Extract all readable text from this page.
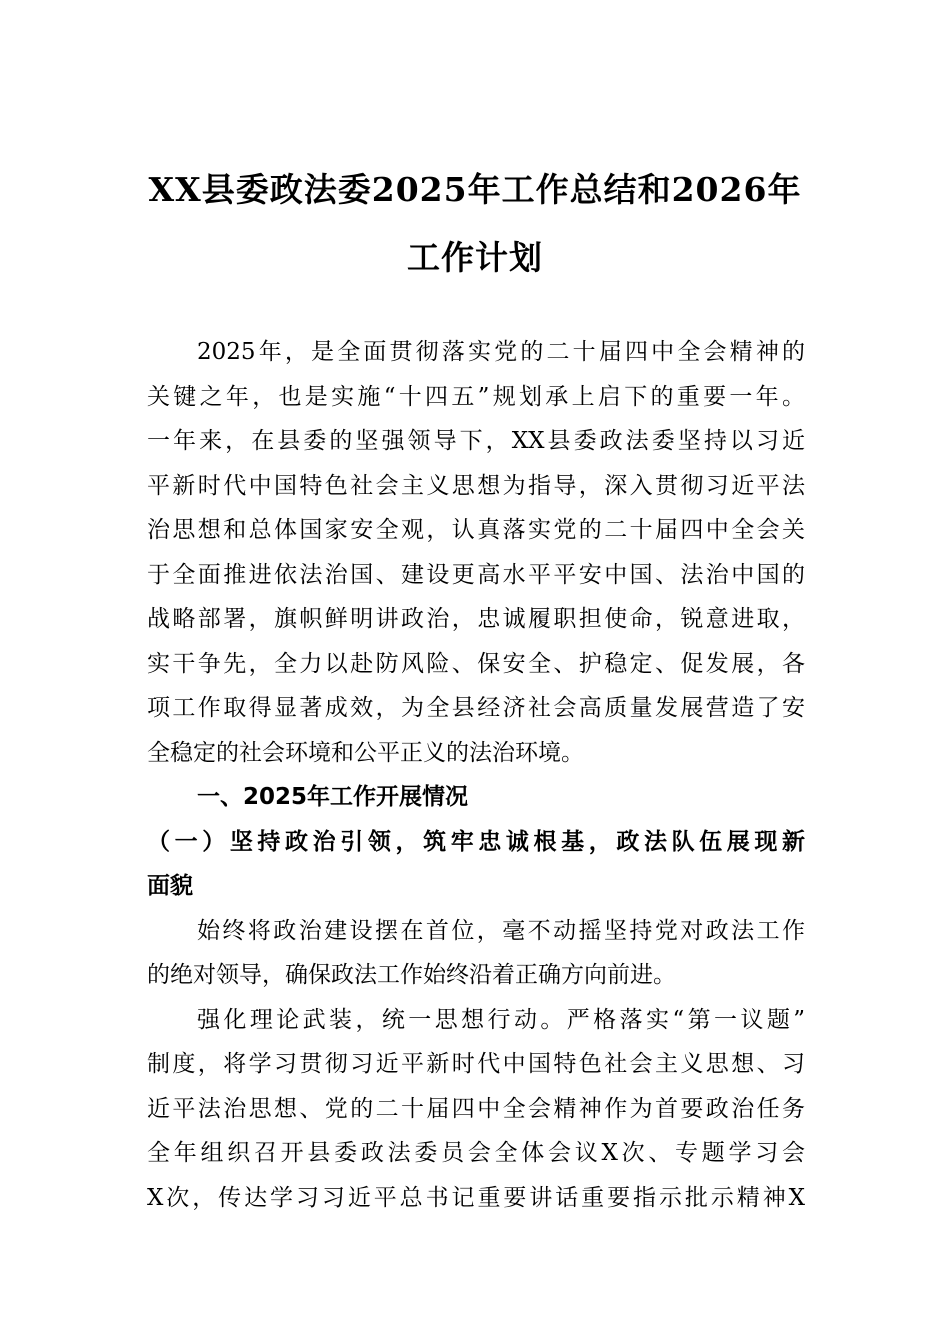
XX县委政法委2025年工作总结和2026年
工作计划
2025年，是全面贯彻落实党的二十届四中全会精神的
关键之年，也是实施“十四五”规划承上启下的重要一年。
一年来，在县委的坚强领导下，XX县委政法委坚持以习近
平新时代中国特色社会主义思想为指导，深入贯彻习近平法
治思想和总体国家安全观，认真落实党的二十届四中全会关
于全面推进依法治国、建设更高水平平安中国、法治中国的
战略部署，旗帜鲜明讲政治，忠诚履职担使命，锐意进取，
实干争先，全力以赴防风险、保安全、护稳定、促发展，各
项工作取得显著成效，为全县经济社会高质量发展营造了安
全稳定的社会环境和公平正义的法治环境。
一、2025年工作开展情况
（一）坚持政治引领，筑牢忠诚根基，政法队伍展现新
面貌
始终将政治建设摆在首位，毫不动摇坚持党对政法工作
的绝对领导，确保政法工作始终沿着正确方向前进。
强化理论武装，统一思想行动。严格落实“第一议题”
制度，将学习贯彻习近平新时代中国特色社会主义思想、习
近平法治思想、党的二十届四中全会精神作为首要政治任务
全年组织召开县委政法委员会全体会议X次、专题学习会
X次，传达学习习近平总书记重要讲话重要指示批示精神X
